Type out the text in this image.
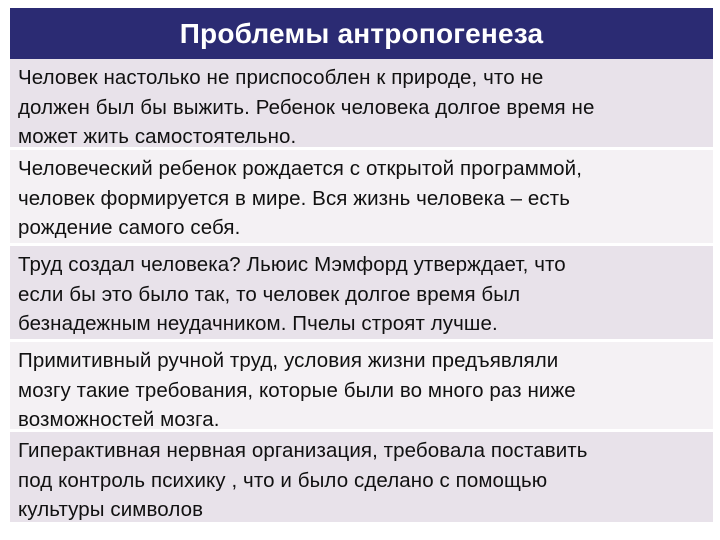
Проблемы антропогенеза
Человек настолько не приспособлен к природе, что не
должен был бы выжить. Ребенок человека долгое время не
может жить самостоятельно.
Человеческий ребенок рождается с открытой программой,
человек формируется в мире. Вся жизнь человека – есть
рождение самого себя.
Труд создал человека? Льюис Мэмфорд утверждает, что
если бы это было так, то человек долгое время был
безнадежным неудачником. Пчелы строят лучше.
Примитивный ручной труд, условия жизни предъявляли
мозгу такие требования, которые были во много раз ниже
возможностей мозга.
Гиперактивная нервная организация, требовала поставить
под контроль психику , что и было сделано с помощью
культуры символов
